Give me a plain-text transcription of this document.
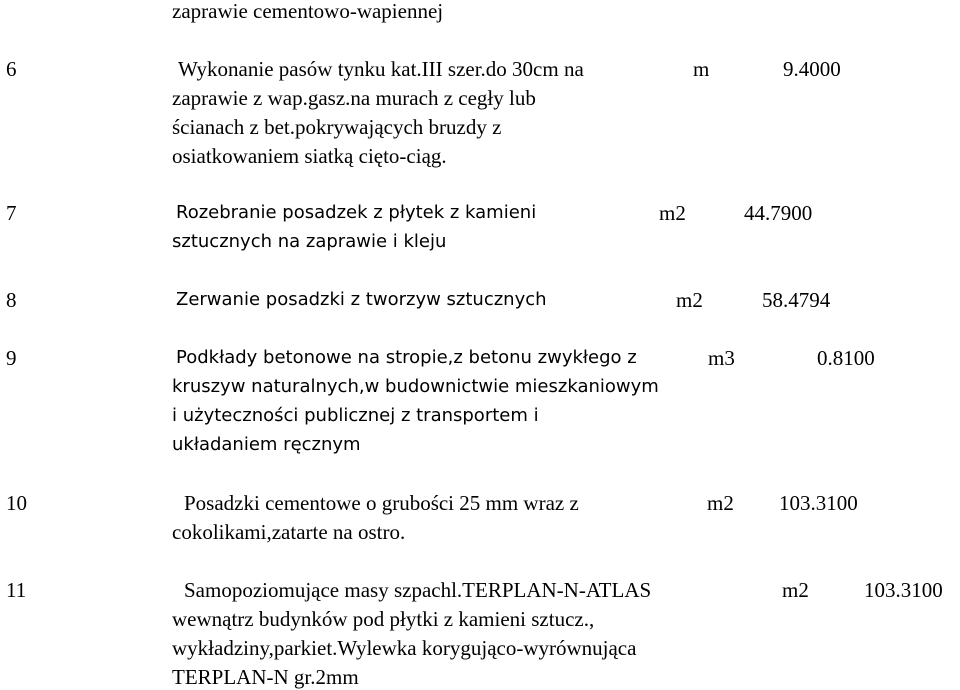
zaprawie cementowo-wapiennej
6	Wykonanie pasów tynku kat.III szer.do 30cm na
zaprawie z wap.gasz.na murach z cegły lub
ścianach z bet.pokrywających bruzdy z
osiatkowaniem siatką cięto-ciąg.
m	9.4000
7	Rozebranie posadzek z płytek z kamieni
sztucznych na zaprawie i kleju
m2	44.7900
8	Zerwanie posadzki z tworzyw sztucznych	m2	58.4794
9	Podkłady betonowe na stropie,z betonu zwykłego z
kruszyw naturalnych,w budownictwie mieszkaniowym
i użyteczności publicznej z transportem i
układaniem ręcznym
m3	0.8100
10	Posadzki cementowe o grubości 25 mm wraz z
cokolikami,zatarte na ostro.
m2 103.3100
11	Samopoziomujące masy szpachl.TERPLAN-N-ATLAS
wewnątrz budynków pod płytki z kamieni sztucz.,
wykładziny,parkiet.Wylewka korygująco-wyrównująca
TERPLAN-N gr.2mm
m2	103.3100
